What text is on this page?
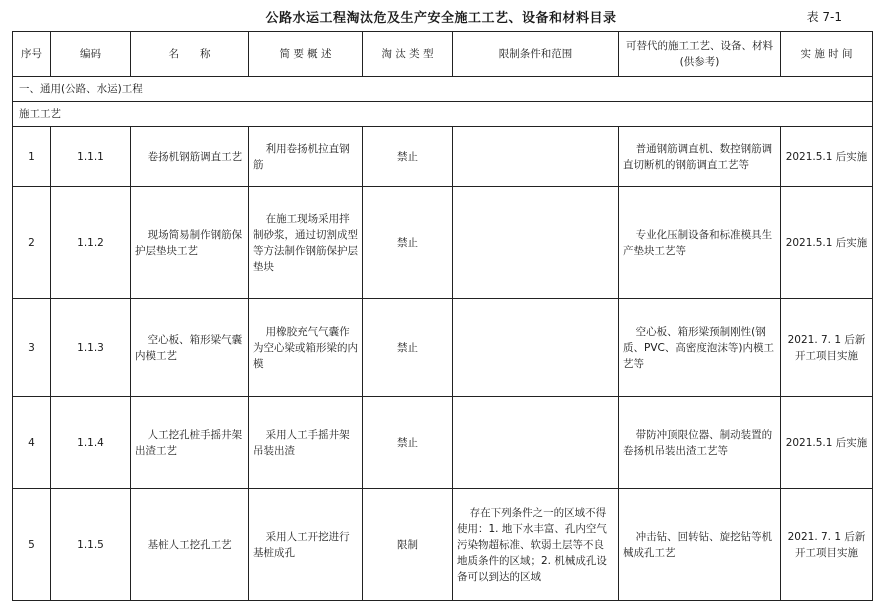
公路水运工程淘汰危及生产安全施工工艺、设备和材料目录	表 7-1
序号	编码	名　　称	简 要 概 述	淘 汰 类 型	限制条件和范围	可替代的施工工艺、设备、材料(供参考)	实 施 时 间
一、通用(公路、水运)工程							
施工工艺							
1	1.1.1	卷扬机钢筋调直工艺	利用卷扬机拉直钢筋	禁止		普通钢筋调直机、数控钢筋调直切断机的钢筋调直工艺等	2021.5.1 后实施
2	1.1.2	现场简易制作钢筋保护层垫块工艺	在施工现场采用拌制砂浆，通过切割成型等方法制作钢筋保护层垫块	禁止		专业化压制设备和标准模具生产垫块工艺等	2021.5.1 后实施
3	1.1.3	空心板、箱形梁气囊内模工艺	用橡胶充气气囊作为空心梁或箱形梁的内模	禁止		空心板、箱形梁预制刚性(钢质、PVC、高密度泡沫等)内模工艺等	2021. 7. 1 后新开工项目实施
4	1.1.4	人工挖孔桩手摇井架出渣工艺	采用人工手摇井架吊装出渣	禁止		带防冲顶限位器、制动装置的卷扬机吊装出渣工艺等	2021.5.1 后实施
5	1.1.5	基桩人工挖孔工艺	采用人工开挖进行基桩成孔	限制	存在下列条件之一的区域不得使用：1. 地下水丰富、孔内空气污染物超标准、软弱土层等不良地质条件的区域；2. 机械成孔设备可以到达的区域	冲击钻、回转钻、旋挖钻等机械成孔工艺	2021. 7. 1 后新开工项目实施
